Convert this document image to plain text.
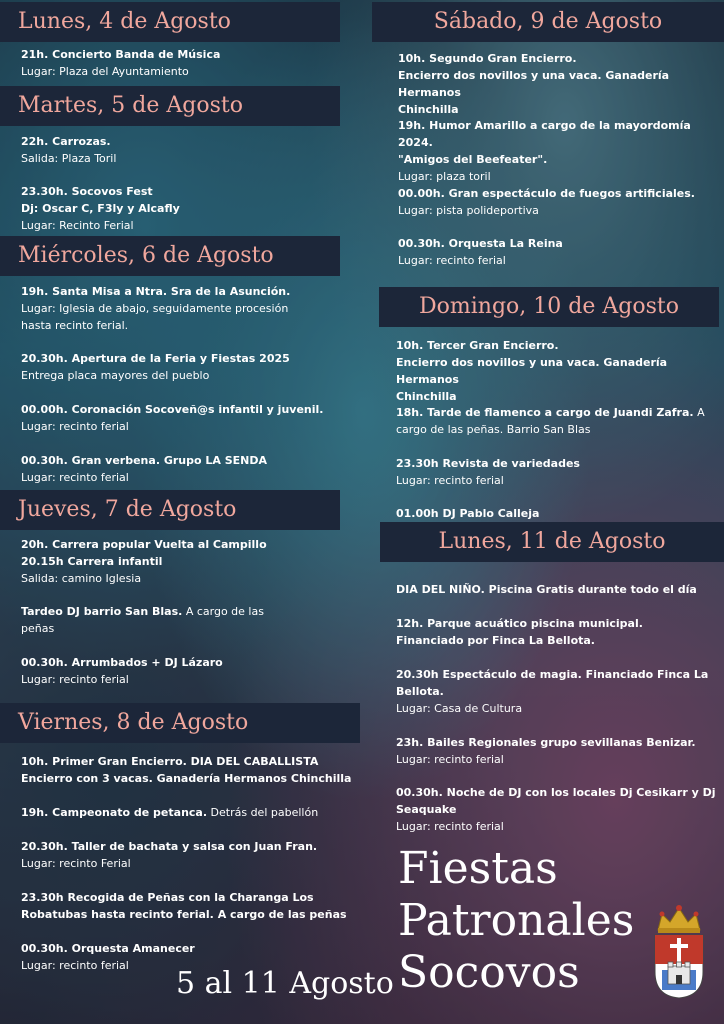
Lunes, 4 de Agosto
21h. Concierto Banda de Música
Lugar: Plaza del Ayuntamiento
Martes, 5 de Agosto
22h. Carrozas.
Salida: Plaza Toril
23.30h. Socovos Fest
Dj: Oscar C, F3ly y Alcafly
Lugar: Recinto Ferial
Miércoles, 6 de Agosto
19h. Santa Misa a Ntra. Sra de la Asunción.
Lugar: Iglesia de abajo, seguidamente procesión
hasta recinto ferial.
20.30h. Apertura de la Feria y Fiestas 2025
Entrega placa mayores del pueblo
00.00h. Coronación Socoveñ@s infantil y juvenil.
Lugar: recinto ferial
00.30h. Gran verbena. Grupo LA SENDA
Lugar: recinto ferial
Jueves, 7 de Agosto
20h. Carrera popular Vuelta al Campillo
20.15h Carrera infantil
Salida: camino Iglesia
Tardeo DJ barrio San Blas. A cargo de las
peñas
00.30h. Arrumbados + DJ Lázaro
Lugar: recinto ferial
Viernes, 8 de Agosto
10h. Primer Gran Encierro. DIA DEL CABALLISTA
Encierro con 3 vacas. Ganadería Hermanos Chinchilla
19h. Campeonato de petanca. Detrás del pabellón
20.30h. Taller de bachata y salsa con Juan Fran.
Lugar: recinto Ferial
23.30h Recogida de Peñas con la Charanga Los
Robatubas hasta recinto ferial. A cargo de las peñas
00.30h. Orquesta Amanecer
Lugar: recinto ferial
5 al 11 Agosto
Sábado, 9 de Agosto
10h. Segundo Gran Encierro.
Encierro dos novillos y una vaca. Ganadería Hermanos
Chinchilla
19h. Humor Amarillo a cargo de la mayordomía 2024.
"Amigos del Beefeater".
Lugar: plaza toril
00.00h. Gran espectáculo de fuegos artificiales.
Lugar: pista polideportiva
00.30h. Orquesta La Reina
Lugar: recinto ferial
Domingo, 10 de Agosto
10h. Tercer Gran Encierro.
Encierro dos novillos y una vaca. Ganadería Hermanos
Chinchilla
18h. Tarde de flamenco a cargo de Juandi Zafra. A
cargo de las peñas. Barrio San Blas
23.30h Revista de variedades
Lugar: recinto ferial
01.00h DJ Pablo Calleja
Lunes, 11 de Agosto
DIA DEL NIÑO. Piscina Gratis durante todo el día
12h. Parque acuático piscina municipal.
Financiado por Finca La Bellota.
20.30h Espectáculo de magia. Financiado Finca La
Bellota.
Lugar: Casa de Cultura
23h. Bailes Regionales grupo sevillanas Benizar.
Lugar: recinto ferial
00.30h. Noche de DJ con los locales Dj Cesikarr y Dj
Seaquake
Lugar: recinto ferial
Fiestas
Patronales
Socovos
